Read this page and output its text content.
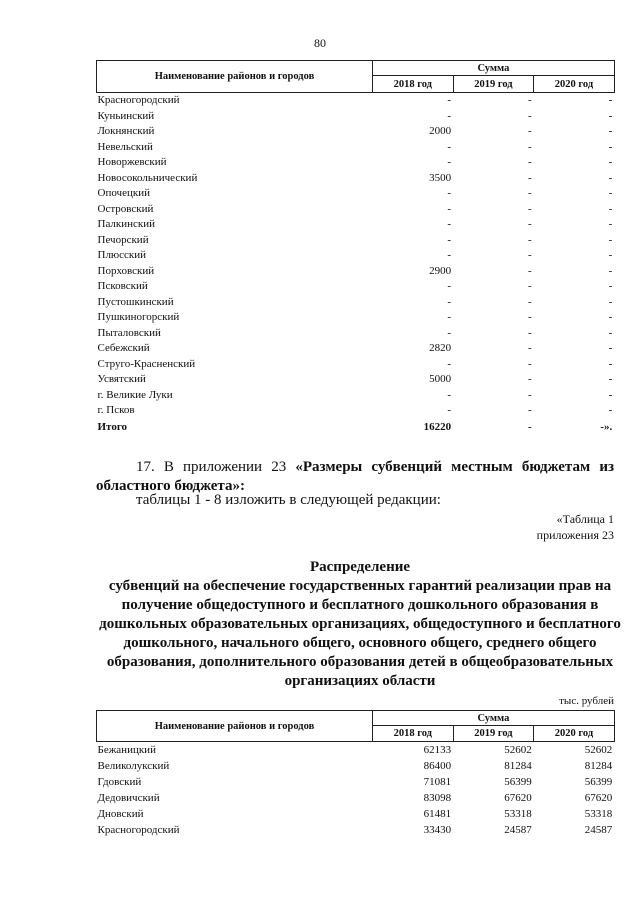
80
Наименование районов и городов	Сумма		
	2018 год	2019 год	2020 год
Красногородский	-	-	-
Куньинский	-	-	-
Локнянский	2000	-	-
Невельский	-	-	-
Новоржевский	-	-	-
Новосокольнический	3500	-	-
Опочецкий	-	-	-
Островский	-	-	-
Палкинский	-	-	-
Печорский	-	-	-
Плюсский	-	-	-
Порховский	2900	-	-
Псковский	-	-	-
Пустошкинский	-	-	-
Пушкиногорский	-	-	-
Пыталовский	-	-	-
Себежский	2820	-	-
Струго-Красненский	-	-	-
Усвятский	5000	-	-
г. Великие Луки	-	-	-
г. Псков	-	-	-
Итого	16220	-	-».
17. В приложении 23 «Размеры субвенций местным бюджетам из областного бюджета»:
таблицы 1 - 8 изложить в следующей редакции:
«Таблица 1
приложения 23
Распределение
субвенций на обеспечение государственных гарантий реализации прав на получение общедоступного и бесплатного дошкольного образования в дошкольных образовательных организациях, общедоступного и бесплатного дошкольного, начального общего, основного общего, среднего общего образования, дополнительного образования детей в общеобразовательных организациях области
тыс. рублей
Наименование районов и городов	Сумма		
	2018 год	2019 год	2020 год
Бежаницкий	62133	52602	52602
Великолукский	86400	81284	81284
Гдовский	71081	56399	56399
Дедовичский	83098	67620	67620
Дновский	61481	53318	53318
Красногородский	33430	24587	24587
